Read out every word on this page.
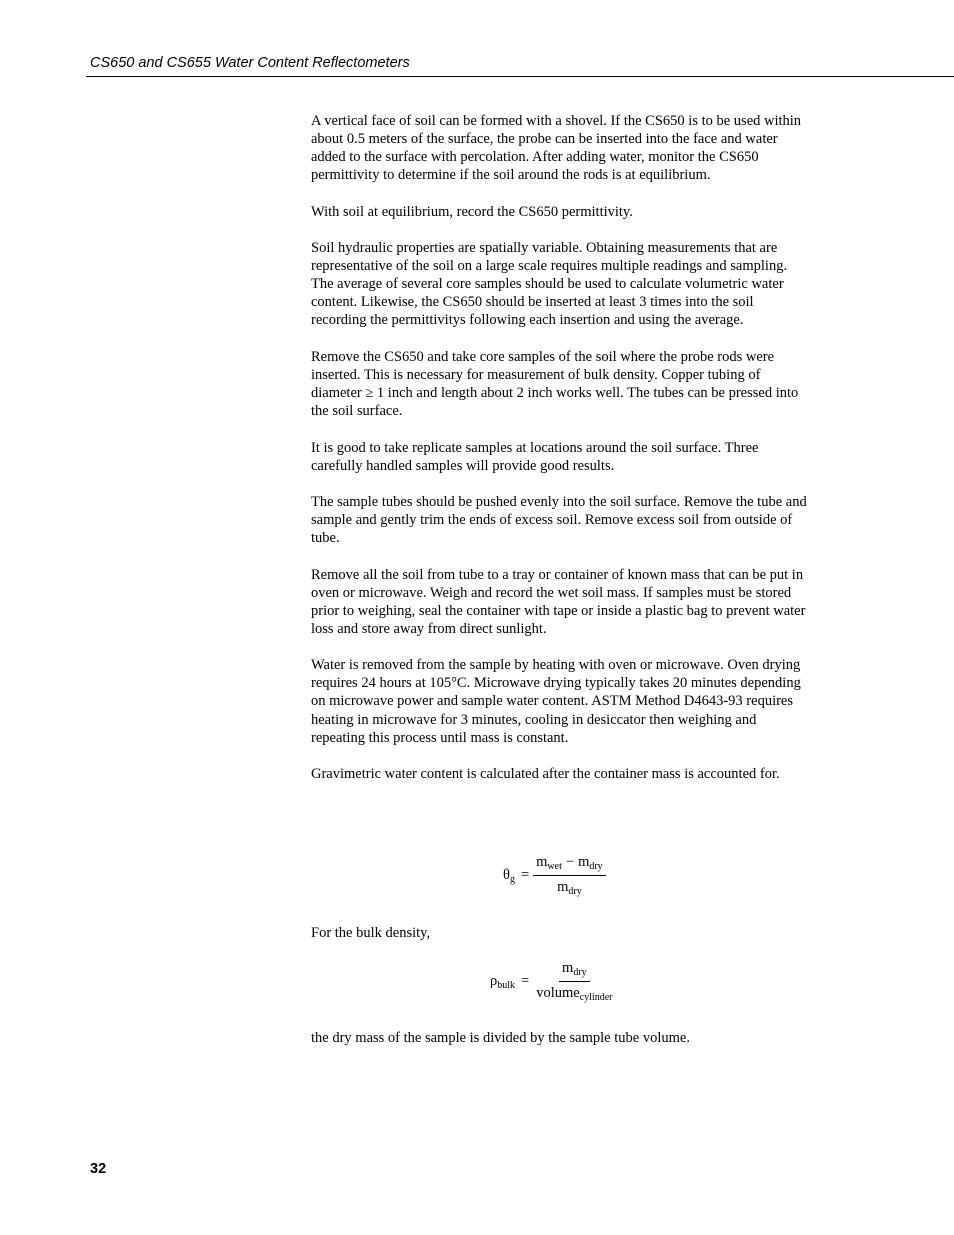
CS650 and CS655 Water Content Reflectometers

A vertical face of soil can be formed with a shovel. If the CS650 is to be used within about 0.5 meters of the surface, the probe can be inserted into the face and water added to the surface with percolation. After adding water, monitor the CS650 permittivity to determine if the soil around the rods is at equilibrium.

With soil at equilibrium, record the CS650 permittivity.

Soil hydraulic properties are spatially variable. Obtaining measurements that are representative of the soil on a large scale requires multiple readings and sampling. The average of several core samples should be used to calculate volumetric water content. Likewise, the CS650 should be inserted at least 3 times into the soil recording the permittivitys following each insertion and using the average.

Remove the CS650 and take core samples of the soil where the probe rods were inserted. This is necessary for measurement of bulk density. Copper tubing of diameter ≥ 1 inch and length about 2 inch works well. The tubes can be pressed into the soil surface.

It is good to take replicate samples at locations around the soil surface. Three carefully handled samples will provide good results.

The sample tubes should be pushed evenly into the soil surface. Remove the tube and sample and gently trim the ends of excess soil. Remove excess soil from outside of tube.

Remove all the soil from tube to a tray or container of known mass that can be put in oven or microwave. Weigh and record the wet soil mass. If samples must be stored prior to weighing, seal the container with tape or inside a plastic bag to prevent water loss and store away from direct sunlight.

Water is removed from the sample by heating with oven or microwave. Oven drying requires 24 hours at 105°C. Microwave drying typically takes 20 minutes depending on microwave power and sample water content. ASTM Method D4643-93 requires heating in microwave for 3 minutes, cooling in desiccator then weighing and repeating this process until mass is constant.

Gravimetric water content is calculated after the container mass is accounted for.

$\theta_g = \frac{m_{wet} - m_{dry}}{m_{dry}}$
For the bulk density,
$\rho_{bulk} = \frac{m_{dry}}{volume_{cylinder}}$
the dry mass of the sample is divided by the sample tube volume.
32
